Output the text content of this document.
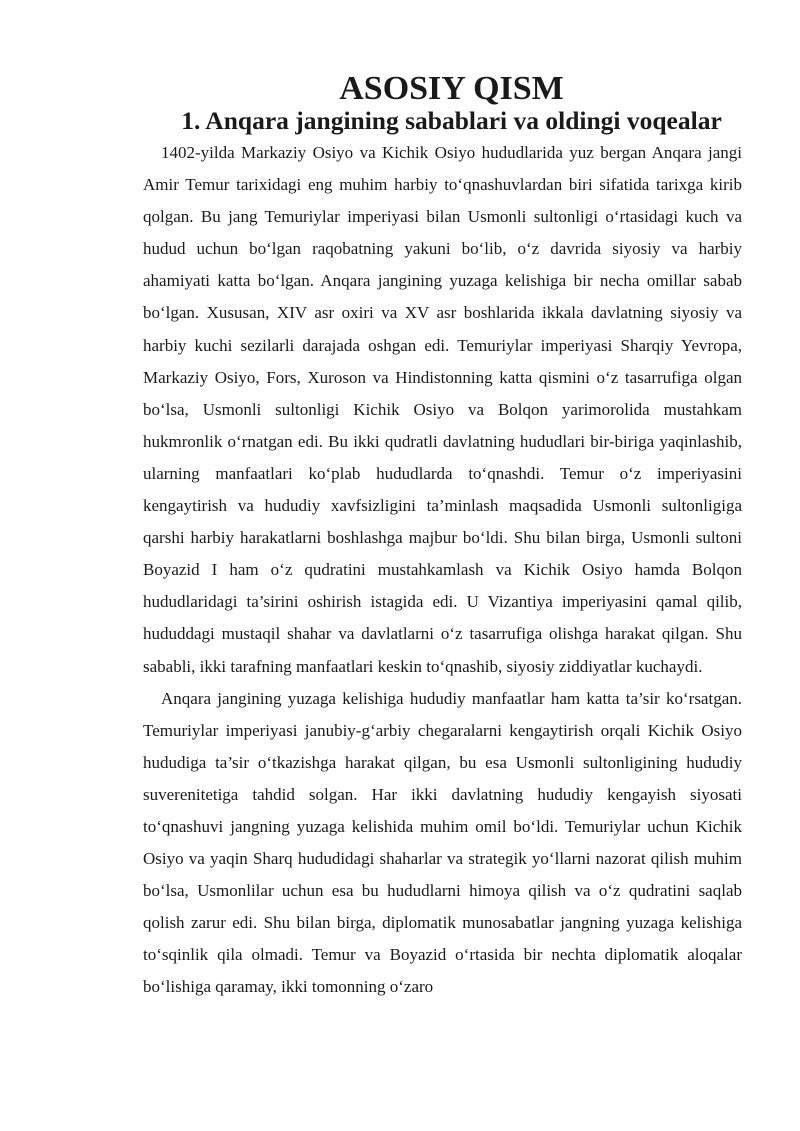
ASOSIY QISM
1. Anqara jangining sabablari va oldingi voqealar

1402-yilda Markaziy Osiyo va Kichik Osiyo hududlarida yuz bergan Anqara jangi Amir Temur tarixidagi eng muhim harbiy to‘qnashuvlardan biri sifatida tarixga kirib qolgan. Bu jang Temuriylar imperiyasi bilan Usmonli sultonligi o‘rtasidagi kuch va hudud uchun bo‘lgan raqobatning yakuni bo‘lib, o‘z davrida siyosiy va harbiy ahamiyati katta bo‘lgan. Anqara jangining yuzaga kelishiga bir necha omillar sabab bo‘lgan. Xususan, XIV asr oxiri va XV asr boshlarida ikkala davlatning siyosiy va harbiy kuchi sezilarli darajada oshgan edi. Temuriylar imperiyasi Sharqiy Yevropa, Markaziy Osiyo, Fors, Xuroson va Hindistonning katta qismini o‘z tasarrufiga olgan bo‘lsa, Usmonli sultonligi Kichik Osiyo va Bolqon yarimorolida mustahkam hukmronlik o‘rnatgan edi. Bu ikki qudratli davlatning hududlari bir-biriga yaqinlashib, ularning manfaatlari ko‘plab hududlarda to‘qnashdi. Temur o‘z imperiyasini kengaytirish va hududiy xavfsizligini ta’minlash maqsadida Usmonli sultonligiga qarshi harbiy harakatlarni boshlashga majbur bo‘ldi. Shu bilan birga, Usmonli sultoni Boyazid I ham o‘z qudratini mustahkamlash va Kichik Osiyo hamda Bolqon hududlaridagi ta’sirini oshirish istagida edi. U Vizantiya imperiyasini qamal qilib, hududdagi mustaqil shahar va davlatlarni o‘z tasarrufiga olishga harakat qilgan. Shu sababli, ikki tarafning manfaatlari keskin to‘qnashib, siyosiy ziddiyatlar kuchaydi.

Anqara jangining yuzaga kelishiga hududiy manfaatlar ham katta ta’sir ko‘rsatgan. Temuriylar imperiyasi janubiy-g‘arbiy chegaralarni kengaytirish orqali Kichik Osiyo hududiga ta’sir o‘tkazishga harakat qilgan, bu esa Usmonli sultonligining hududiy suverenitetiga tahdid solgan. Har ikki davlatning hududiy kengayish siyosati to‘qnashuvi jangning yuzaga kelishida muhim omil bo‘ldi. Temuriylar uchun Kichik Osiyo va yaqin Sharq hududidagi shaharlar va strategik yo‘llarni nazorat qilish muhim bo‘lsa, Usmonlilar uchun esa bu hududlarni himoya qilish va o‘z qudratini saqlab qolish zarur edi. Shu bilan birga, diplomatik munosabatlar jangning yuzaga kelishiga to‘sqinlik qila olmadi. Temur va Boyazid o‘rtasida bir nechta diplomatik aloqalar bo‘lishiga qaramay, ikki tomonning o‘zaro
